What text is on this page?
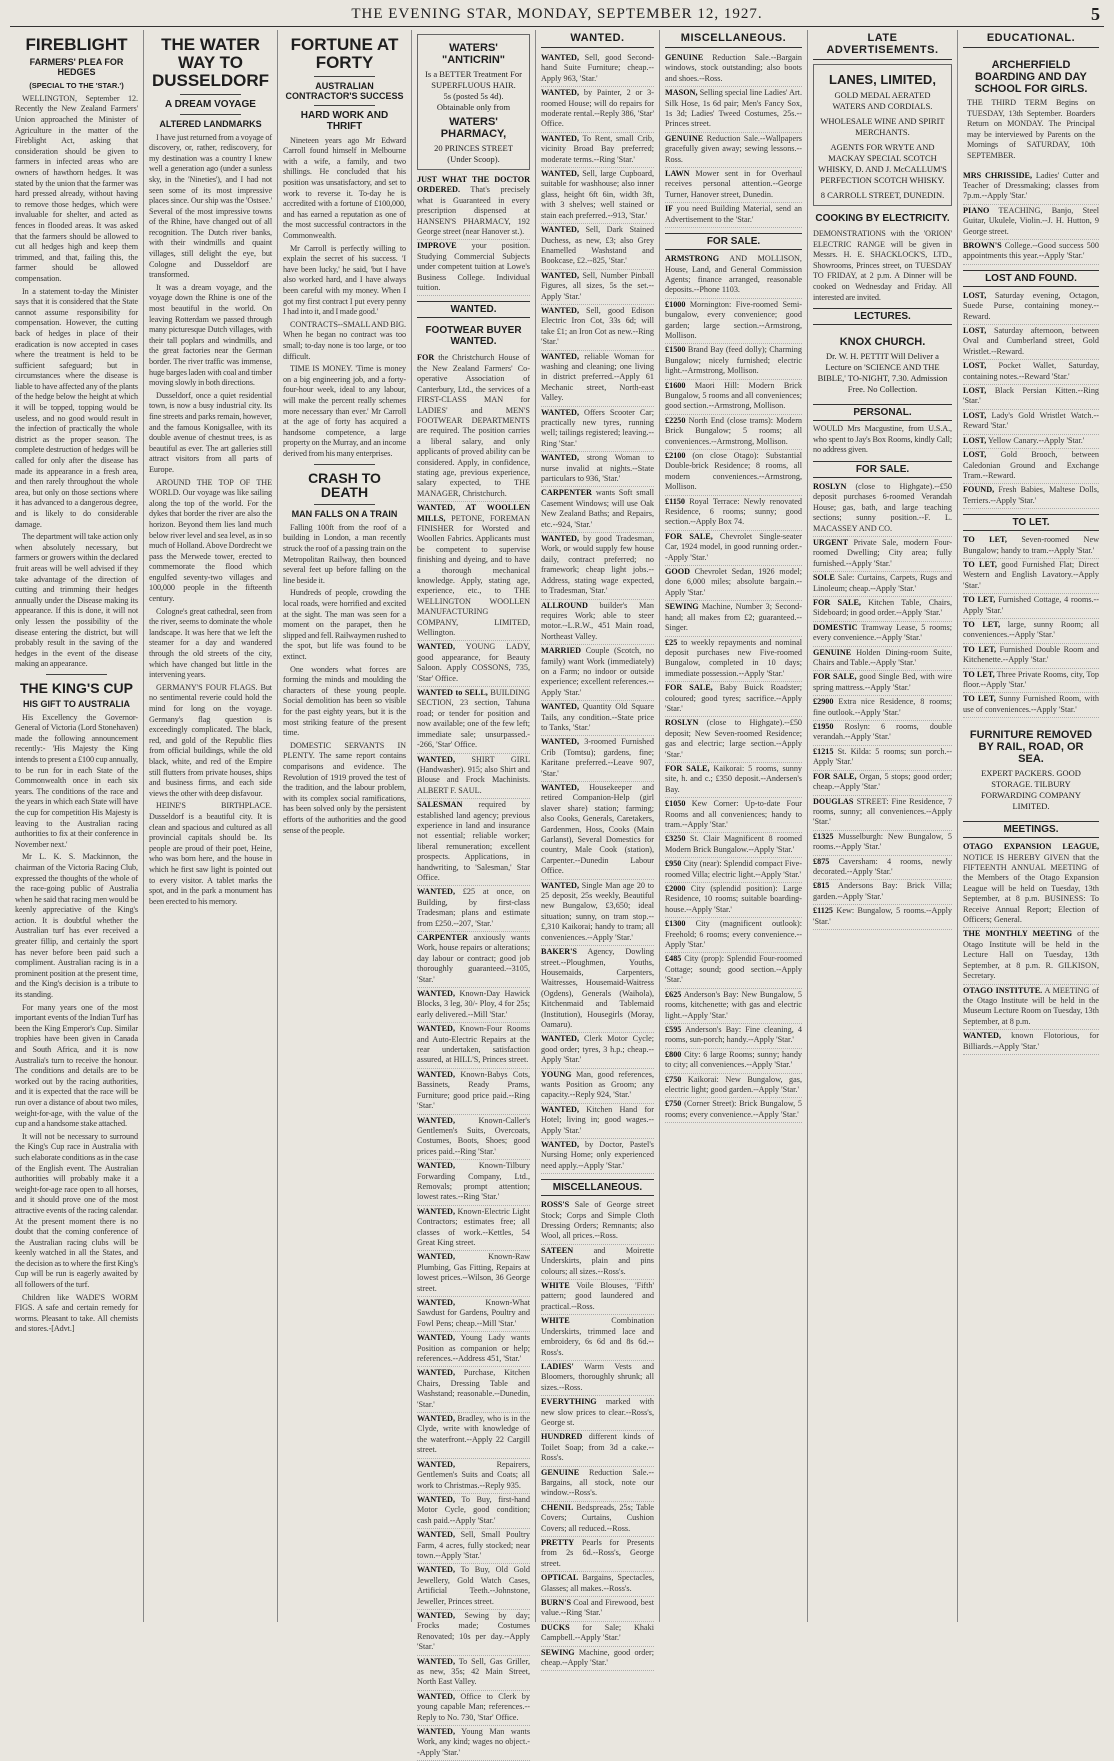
THE EVENING STAR, MONDAY, SEPTEMBER 12, 1927.	5
FIREBLIGHT
FARMERS' PLEA FOR HEDGES
(SPECIAL TO THE 'STAR.')

WELLINGTON, September 12. Recently the New Zealand Farmers' Union approached the Minister of Agriculture in the matter of the Fireblight Act, asking that consideration should be given to farmers in infected areas who are owners of hawthorn hedges. It was stated by the union that the farmer was hard pressed already, without having to remove those hedges, which were invaluable for shelter, and acted as fences in flooded areas. It was asked that the farmers should be allowed to cut all hedges high and keep them trimmed, and that, failing this, the farmer should be allowed compensation.

In a statement to-day the Minister says that it is considered that the State cannot assume responsibility for compensation. However, the cutting back of hedges in place of their eradication is now accepted in cases where the treatment is held to be sufficient safeguard; but in circumstances where the disease is liable to have affected any of the plants of the hedge below the height at which it will be topped, topping would be useless, and no good would result in the infection of practically the whole district as the proper season. The complete destruction of hedges will be called for only after the disease has made its appearance in a fresh area, and then rarely throughout the whole area, but only on those sections where it has advanced to a dangerous degree, and is likely to do considerable damage.

The department will take action only when absolutely necessary, but farmers or growers within the declared fruit areas will be well advised if they take advantage of the direction of cutting and trimming their hedges annually under the Disease making its appearance. If this is done, it will not only lessen the possibility of the disease entering the district, but will probably result in the saving of the hedges in the event of the disease making an appearance.

THE KING'S CUP
HIS GIFT TO AUSTRALIA

His Excellency the Governor-General of Victoria (Lord Stonehaven) made the following announcement recently:- 'His Majesty the King intends to present a £100 cup annually, to be run for in each State of the Commonwealth once in each six years. The conditions of the race and the years in which each State will have the cup for competition His Majesty is leaving to the Australian racing authorities to fix at their conference in November next.'

Mr L. K. S. Mackinnon, the chairman of the Victoria Racing Club, expressed the thoughts of the whole of the race-going public of Australia when he said that racing men would be keenly appreciative of the King's action. It is doubtful whether the Australian turf has ever received a greater fillip, and certainly the sport has never before been paid such a compliment. Australian racing is in a prominent position at the present time, and the King's decision is a tribute to its standing.

For many years one of the most important events of the Indian Turf has been the King Emperor's Cup. Similar trophies have been given in Canada and South Africa, and it is now Australia's turn to receive the honour. The conditions and details are to be worked out by the racing authorities, and it is expected that the race will be run over a distance of about two miles, weight-for-age, with the value of the cup and a handsome stake attached.

It will not be necessary to surround the King's Cup race in Australia with such elaborate conditions as in the case of the English event. The Australian authorities will probably make it a weight-for-age race open to all horses, and it should prove one of the most attractive events of the racing calendar. At the present moment there is no doubt that the coming conference of the Australian racing clubs will be keenly watched in all the States, and the decision as to where the first King's Cup will be run is eagerly awaited by all followers of the turf.

Children like WADE'S WORM FIGS. A safe and certain remedy for worms. Pleasant to take. All chemists and stores.-[Advt.]

THE WATER WAY TO DUSSELDORF
A DREAM VOYAGE
ALTERED LANDMARKS

I have just returned from a voyage of discovery, or, rather, rediscovery, for my destination was a country I knew well a generation ago (under a sunless sky, in the 'Nineties'), and I had not seen some of its most impressive places since. Our ship was the 'Ostsee.' Several of the most impressive towns of the Rhine, have changed out of all recognition. The Dutch river banks, with their windmills and quaint villages, still delight the eye, but Cologne and Dusseldorf are transformed.

It was a dream voyage, and the voyage down the Rhine is one of the most beautiful in the world. On leaving Rotterdam we passed through many picturesque Dutch villages, with their tall poplars and windmills, and the great factories near the German border. The river traffic was immense, huge barges laden with coal and timber moving slowly in both directions.

Dusseldorf, once a quiet residential town, is now a busy industrial city. Its fine streets and parks remain, however, and the famous Konigsallee, with its double avenue of chestnut trees, is as beautiful as ever. The art galleries still attract visitors from all parts of Europe.

AROUND THE TOP OF THE WORLD. Our voyage was like sailing along the top of the world. For the dykes that border the river are also the horizon. Beyond them lies land much below river level and sea level, as in so much of Holland. Above Dordrecht we pass the Merwede tower, erected to commemorate the flood which engulfed seventy-two villages and 100,000 people in the fifteenth century.

Cologne's great cathedral, seen from the river, seems to dominate the whole landscape. It was here that we left the steamer for a day and wandered through the old streets of the city, which have changed but little in the intervening years.

GERMANY'S FOUR FLAGS. But no sentimental reverie could hold the mind for long on the voyage. Germany's flag question is exceedingly complicated. The black, red, and gold of the Republic flies from official buildings, while the old black, white, and red of the Empire still flutters from private houses, ships and business firms, and each side views the other with deep disfavour.

HEINE'S BIRTHPLACE. Dusseldorf is a beautiful city. It is clean and spacious and cultured as all provincial capitals should be. Its people are proud of their poet, Heine, who was born here, and the house in which he first saw light is pointed out to every visitor. A tablet marks the spot, and in the park a monument has been erected to his memory.

FORTUNE AT FORTY
AUSTRALIAN CONTRACTOR'S SUCCESS
HARD WORK AND THRIFT

Nineteen years ago Mr Edward Carroll found himself in Melbourne with a wife, a family, and two shillings. He concluded that his position was unsatisfactory, and set to work to reverse it. To-day he is accredited with a fortune of £100,000, and has earned a reputation as one of the most successful contractors in the Commonwealth.

Mr Carroll is perfectly willing to explain the secret of his success. 'I have been lucky,' he said, 'but I have also worked hard, and I have always been careful with my money. When I got my first contract I put every penny I had into it, and I made good.'

CONTRACTS--SMALL AND BIG. When he began no contract was too small; to-day none is too large, or too difficult.

TIME IS MONEY. 'Time is money on a big engineering job, and a forty-four-hour week, ideal to any labour, will make the percent really schemes more necessary than ever.' Mr Carroll at the age of forty has acquired a handsome competence, a large property on the Murray, and an income derived from his many enterprises.

CRASH TO DEATH
MAN FALLS ON A TRAIN

Falling 100ft from the roof of a building in London, a man recently struck the roof of a passing train on the Metropolitan Railway, then bounced several feet up before falling on the line beside it.

Hundreds of people, crowding the local roads, were horrified and excited at the sight. The man was seen for a moment on the parapet, then he slipped and fell. Railwaymen rushed to the spot, but life was found to be extinct.

One wonders what forces are forming the minds and moulding the characters of these young people. Social demolition has been so visible for the past eighty years, but it is the most striking feature of the present time.

DOMESTIC SERVANTS IN PLENTY. The same report contains comparisons and evidence. The Revolution of 1919 proved the test of the tradition, and the labour problem, with its complex social ramifications, has been solved only by the persistent efforts of the authorities and the good sense of the people.

WATERS' "ANTICRIN"
Is a BETTER Treatment For SUPERFLUOUS HAIR.
5s (posted 5s 4d).
Obtainable only from
WATERS' PHARMACY,
20 PRINCES STREET (Under Scoop).
JUST WHAT THE DOCTOR ORDERED. That's precisely what is Guaranteed in every prescription dispensed at HANSEN'S PHARMACY, 192 George street (near Hanover st.).
IMPROVE your position. Studying Commercial Subjects under competent tuition at Lowe's Business College. Individual tuition.
WANTED.
FOOTWEAR BUYER WANTED.
FOR the Christchurch House of the New Zealand Farmers' Co-operative Association of Canterbury, Ltd., the services of a FIRST-CLASS MAN for LADIES' and MEN'S FOOTWEAR DEPARTMENTS are required. The position carries a liberal salary, and only applicants of proved ability can be considered. Apply, in confidence, stating age, previous experience, salary expected, to THE MANAGER, Christchurch.
WANTED, AT WOOLLEN MILLS, PETONE, FOREMAN FINISHER for Worsted and Woollen Fabrics. Applicants must be competent to supervise finishing and dyeing, and to have a thorough mechanical knowledge. Apply, stating age, experience, etc., to THE WELLINGTON WOOLLEN MANUFACTURING COMPANY, LIMITED, Wellington.
WANTED, YOUNG LADY, good appearance, for Beauty Saloon. Apply COSSONS, 735, 'Star' Office.
WANTED to SELL, BUILDING SECTION, 23 section, Tahuna road; or tender for position and now available; one of the few left; immediate sale; unsurpassed.--266, 'Star' Office.
WANTED, SHIRT GIRL (Handwasher). 915; also Shirt and Blouse and Frock Machinists. ALBERT F. SAUL.
SALESMAN required by established land agency; previous experience in land and insurance not essential; reliable worker; liberal remuneration; excellent prospects. Applications, in handwriting, to 'Salesman,' Star Office.
WANTED, £25 at once, on Building, by first-class Tradesman; plans and estimate from £250.--207, 'Star.'
CARPENTER anxiously wants Work, house repairs or alterations; day labour or contract; good job thoroughly guaranteed.--3105, 'Star.'
WANTED, Known-Day Hawick Blocks, 3 leg, 30/- Ploy, 4 for 25s; early delivered.--Mill 'Star.'
WANTED, Known-Four Rooms and Auto-Electric Repairs at the rear undertaken, satisfaction assured, at HILL'S, Princes street.
WANTED, Known-Babys Cots, Bassinets, Ready Prams, Furniture; good price paid.--Ring 'Star.'
WANTED,	Known-Caller's Gentlemen's Suits, Overcoats, Costumes, Boots, Shoes; good prices paid.--Ring 'Star.'
WANTED,	Known-Tilbury Forwarding Company, Ltd., Removals; prompt attention; lowest rates.--Ring 'Star.'
WANTED, Known-Electric Light Contractors; estimates free; all classes of work.--Kettles, 54 Great King street.
WANTED,	Known-Raw Plumbing, Gas Fitting, Repairs at lowest prices.--Wilson, 36 George street.
WANTED,	Known-What Sawdust for Gardens, Poultry and Fowl Pens; cheap.--Mill 'Star.'
WANTED, Young Lady wants Position as companion or help; references.--Address 451, 'Star.'
WANTED, Purchase, Kitchen Chairs, Dressing Table and Washstand; reasonable.--Dunedin, 'Star.'
WANTED, Bradley, who is in the Clyde, write with knowledge of the waterfront.--Apply 22 Cargill street.
WANTED,	Repairers, Gentlemen's Suits and Coats; all work to Christmas.--Reply 935.
WANTED, To Buy, first-hand Motor Cycle, good condition; cash paid.--Apply 'Star.'
WANTED, Sell, Small Poultry Farm, 4 acres, fully stocked; near town.--Apply 'Star.'
WANTED, To Buy, Old Gold Jewellery, Gold Watch Cases, Artificial Teeth.--Johnstone, Jeweller, Princes street.
WANTED, Sewing by day; Frocks made; Costumes Renovated; 10s per day.--Apply 'Star.'
WANTED, To Sell, Gas Griller, as new, 35s; 42 Main Street, North East Valley.
WANTED, Office to Clerk by young capable Man; references.--Reply to No. 730, 'Star' Office.
WANTED, Young Man wants Work, any kind; wages no object.--Apply 'Star.'
WANTED.
WANTED, Sell, good Second-hand Suite Furniture; cheap.--Apply 963, 'Star.'
WANTED, by Painter, 2 or 3-roomed House; will do repairs for moderate rental.--Reply 386, 'Star' Office.
WANTED, To Rent, small Crib, vicinity Broad Bay preferred; moderate terms.--Ring 'Star.'
WANTED, Sell, large Cupboard, suitable for washhouse; also inner glass, height 6ft 6in, width 3ft, with 3 shelves; well stained or stain each preferred.--913, 'Star.'
WANTED, Sell, Dark Stained Duchess, as new, £3; also Grey Enamelled Washstand and Bookcase, £2.--825, 'Star.'
WANTED, Sell, Number Pinball Figures, all sizes, 5s the set.--Apply 'Star.'
WANTED, Sell, good Edison Electric Iron Cot, 33s 6d; will take £1; an Iron Cot as new.--Ring 'Star.'
WANTED, reliable Woman for washing and cleaning; one living in district preferred.--Apply 61 Mechanic street, North-east Valley.
WANTED, Offers Scooter Car; practically new tyres, running well; tailings registered; leaving.--Ring 'Star.'
WANTED, strong Woman to nurse invalid at nights.--State particulars to 936, 'Star.'
CARPENTER wants Soft small Casement Windows; will use Oak New Zealand Baths; and Repairs, etc.--924, 'Star.'
WANTED, by good Tradesman, Work, or would supply few house daily, contract preferred; no framework; cheap light jobs.--Address, stating wage expected, to Tradesman, 'Star.'
ALLROUND builder's Man requires Work; able to steer motor.--L.R.W., 451 Main road, Northeast Valley.
MARRIED Couple (Scotch, no family) want Work (immediately) on a Farm; no indoor or outside experience; excellent references.--Apply 'Star.'
WANTED, Quantity Old Square Tails, any condition.--State price to Tanks, 'Star.'
WANTED, 3-roomed Furnished Crib (Tomtsu); gardens, fine; Karitane preferred.--Leave 907, 'Star.'
WANTED, Housekeeper and retired Companion-Help (girl slaver share) station; farming; also Cooks, Generals, Caretakers, Gardenmen, Hoss, Cooks (Main Garlanst), Several Domestics for country, Male Cook (station), Carpenter.--Dunedin Labour Office.
WANTED, Single Man age 20 to 25 deposit, 25s weekly, Beautiful new Bungalow, £3,650; ideal situation; sunny, on tram stop.--£,310 Kaikorai; handy to tram; all conveniences.--Apply 'Star.'
BAKER'S Agency, Dowling street.--Ploughmen, Youths, Housemaids, Carpenters, Waitresses, Housemaid-Waitress (Ogdens), Generals (Waihola), Kitchenmaid and Tablemaid (Institution), Housegirls (Moray, Oamaru).
WANTED, Clerk Motor Cycle; good order; tyres, 3 h.p.; cheap.--Apply 'Star.'
YOUNG Man, good references, wants Position as Groom; any capacity.--Reply 924, 'Star.'
WANTED, Kitchen Hand for Hotel; living in; good wages.--Apply 'Star.'
WANTED, by Doctor, Pastel's Nursing Home; only experienced need apply.--Apply 'Star.'
MISCELLANEOUS.
ROSS'S Sale of George street Stock; Corps and Simple Cloth Dressing Orders; Remnants; also Wool, all prices.--Ross.
SATEEN and Moirette Underskirts, plain and pins colours; all sizes.--Ross's.
WHITE Voile Blouses, 'Fifth' pattern; good laundered and practical.--Ross.
WHITE	Combination Underskirts, trimmed lace and embroidery, 6s 6d and 8s 6d.--Ross's.
LADIES' Warm Vests and Bloomers, thoroughly shrunk; all sizes.--Ross.
EVERYTHING marked with new slow prices to clear.--Ross's, George st.
HUNDRED different kinds of Toilet Soap; from 3d a cake.--Ross's.
GENUINE Reduction Sale.--Bargains, all stock, note our window.--Ross's.
CHENIL Bedspreads, 25s; Table Covers; Curtains, Cushion Covers; all reduced.--Ross.
PRETTY Pearls for Presents from 2s 6d.--Ross's, George street.
OPTICAL Bargains, Spectacles, Glasses; all makes.--Ross's.
BURN'S Coal and Firewood, best value.--Ring 'Star.'
DUCKS for Sale; Khaki Campbell.--Apply 'Star.'
SEWING Machine, good order; cheap.--Apply 'Star.'
MISCELLANEOUS.
GENUINE Reduction Sale.--Bargain windows, stock outstanding; also boots and shoes.--Ross.
MASON, Selling special line Ladies' Art. Silk Hose, 1s 6d pair; Men's Fancy Sox, 1s 3d; Ladies' Tweed Costumes, 25s.--Princes street.
GENUINE Reduction Sale.--Wallpapers gracefully given away; sewing lessons.--Ross.
LAWN Mower sent in for Overhaul receives personal attention.--George Turner, Hanover street, Dunedin.
IF you need Building Material, send an Advertisement to the 'Star.'
FOR SALE.
ARMSTRONG AND MOLLISON, House, Land, and General Commission Agents; finance arranged, reasonable deposits.--Phone 1103.
£1000 Mornington: Five-roomed Semi-bungalow, every convenience; good garden; large section.--Armstrong, Mollison.
£1500 Brand Bay (feed dolly); Charming Bungalow; nicely furnished; electric light.--Armstrong, Mollison.
£1600 Maori Hill: Modern Brick Bungalow, 5 rooms and all conveniences; good section.--Armstrong, Mollison.
£2250 North End (close trams): Modern Brick Bungalow; 5 rooms; all conveniences.--Armstrong, Mollison.
£2100 (on close Otago): Substantial Double-brick Residence; 8 rooms, all modern conveniences.--Armstrong, Mollison.
£1150 Royal Terrace: Newly renovated Residence, 6 rooms; sunny; good section.--Apply Box 74.
FOR SALE, Chevrolet Single-seater Car, 1924 model, in good running order.--Apply 'Star.'
GOOD Chevrolet Sedan, 1926 model; done 6,000 miles; absolute bargain.--Apply 'Star.'
SEWING Machine, Number 3; Second-hand; all makes from £2; guaranteed.--Singer.
£25 to weekly repayments and nominal deposit purchases new Five-roomed Bungalow, completed in 10 days; immediate possession.--Apply 'Star.'
FOR SALE, Baby Buick Roadster; coloured; good tyres; sacrifice.--Apply 'Star.'
ROSLYN (close to Highgate).--£50 deposit; New Seven-roomed Residence; gas and electric; large section.--Apply 'Star.'
FOR SALE, Kaikorai: 5 rooms, sunny site, h. and c.; £350 deposit.--Andersen's Bay.
£1050 Kew Corner: Up-to-date Four Rooms and all conveniences; handy to tram.--Apply 'Star.'
£3250 St. Clair Magnificent 8 roomed Modern Brick Bungalow.--Apply 'Star.'
£950 City (near): Splendid compact Five-roomed Villa; electric light.--Apply 'Star.'
£2000 City (splendid position): Large Residence, 10 rooms; suitable boarding-house.--Apply 'Star.'
£1300 City (magnificent outlook): Freehold; 6 rooms; every convenience.--Apply 'Star.'
£485 City (prop): Splendid Four-roomed Cottage; sound; good section.--Apply 'Star.'
£625 Anderson's Bay: New Bungalow, 5 rooms, kitchenette; with gas and electric light.--Apply 'Star.'
£595 Anderson's Bay: Fine cleaning, 4 rooms, sun-porch; handy.--Apply 'Star.'
£800 City: 6 large Rooms; sunny; handy to city; all conveniences.--Apply 'Star.'
£750 Kaikorai: New Bungalow, gas, electric light; good garden.--Apply 'Star.'
£750 (Corner Street): Brick Bungalow, 5 rooms; every convenience.--Apply 'Star.'
LATE ADVERTISEMENTS.
LANES, LIMITED,
GOLD MEDAL AERATED WATERS AND CORDIALS.
WHOLESALE WINE AND SPIRIT MERCHANTS.
AGENTS FOR WRYTE AND MACKAY SPECIAL SCOTCH WHISKY, D. AND J. McCALLUM'S PERFECTION SCOTCH WHISKY.
8 CARROLL STREET, DUNEDIN.
COOKING BY ELECTRICITY.
DEMONSTRATIONS with the 'ORION' ELECTRIC RANGE will be given in Messrs. H. E. SHACKLOCK'S, LTD., Showrooms, Princes street, on TUESDAY TO FRIDAY, at 2 p.m. A Dinner will be cooked on Wednesday and Friday. All interested are invited.
LECTURES.
KNOX CHURCH.
Dr. W. H. PETTIT Will Deliver a Lecture on 'SCIENCE AND THE BIBLE,' TO-NIGHT, 7.30. Admission Free. No Collection.
PERSONAL.
WOULD Mrs Macgustine, from U.S.A., who spent to Jay's Box Rooms, kindly Call; no address given.
FOR SALE.
ROSLYN (close to Highgate).--£50 deposit purchases 6-roomed Verandah House; gas, bath, and large teaching sections; sunny position.--F. L. MACASSEY AND CO.
URGENT Private Sale, modern Four-roomed Dwelling; City area; fully furnished.--Apply 'Star.'
SOLE Sale: Curtains, Carpets, Rugs and Linoleum; cheap.--Apply 'Star.'
FOR SALE, Kitchen Table, Chairs, Sideboard; in good order.--Apply 'Star.'
DOMESTIC Tramway Lease, 5 rooms; every convenience.--Apply 'Star.'
GENUINE Holden Dining-room Suite, Chairs and Table.--Apply 'Star.'
FOR SALE, good Single Bed, with wire spring mattress.--Apply 'Star.'
£2900 Extra nice Residence, 8 rooms; fine outlook.--Apply 'Star.'
£1950 Roslyn: 6 rooms, double verandah.--Apply 'Star.'
£1215 St. Kilda: 5 rooms; sun porch.--Apply 'Star.'
FOR SALE, Organ, 5 stops; good order; cheap.--Apply 'Star.'
DOUGLAS STREET: Fine Residence, 7 rooms, sunny; all conveniences.--Apply 'Star.'
£1325 Musselburgh: New Bungalow, 5 rooms.--Apply 'Star.'
£875 Caversham: 4 rooms, newly decorated.--Apply 'Star.'
£815 Andersons Bay: Brick Villa; garden.--Apply 'Star.'
£1125 Kew: Bungalow, 5 rooms.--Apply 'Star.'
EDUCATIONAL.
ARCHERFIELD BOARDING AND DAY SCHOOL FOR GIRLS.
THE THIRD TERM Begins on TUESDAY, 13th September. Boarders Return on MONDAY. The Principal may be interviewed by Parents on the Mornings of SATURDAY, 10th SEPTEMBER.
MRS CHRISSIDE, Ladies' Cutter and Teacher of Dressmaking; classes from 7p.m.--Apply 'Star.'
PIANO TEACHING, Banjo, Steel Guitar, Ukulele, Violin.--J. H. Hutton, 9 George street.
BROWN'S College.--Good success 500 appointments this year.--Apply 'Star.'
LOST AND FOUND.
LOST, Saturday evening, Octagon, Suede Purse, containing money.--Reward.
LOST, Saturday afternoon, between Oval and Cumberland street, Gold Wristlet.--Reward.
LOST, Pocket Wallet, Saturday, containing notes.--Reward 'Star.'
LOST, Black Persian Kitten.--Ring 'Star.'
LOST, Lady's Gold Wristlet Watch.--Reward 'Star.'
LOST, Yellow Canary.--Apply 'Star.'
LOST, Gold Brooch, between Caledonian Ground and Exchange Tram.--Reward.
FOUND, Fresh Babies, Maltese Dolls, Terriers.--Apply 'Star.'
TO LET.
TO LET, Seven-roomed New Bungalow; handy to tram.--Apply 'Star.'
TO LET, good Furnished Flat; Direct Western and English Lavatory.--Apply 'Star.'
TO LET, Furnished Cottage, 4 rooms.--Apply 'Star.'
TO LET, large, sunny Room; all conveniences.--Apply 'Star.'
TO LET, Furnished Double Room and Kitchenette.--Apply 'Star.'
TO LET, Three Private Rooms, city, Top floor.--Apply 'Star.'
TO LET, Sunny Furnished Room, with use of conveniences.--Apply 'Star.'
FURNITURE REMOVED BY RAIL, ROAD, OR SEA.
EXPERT PACKERS. GOOD STORAGE. TILBURY FORWARDING COMPANY LIMITED.
MEETINGS.
OTAGO EXPANSION LEAGUE, NOTICE IS HEREBY GIVEN that the FIFTEENTH ANNUAL MEETING of the Members of the Otago Expansion League will be held on Tuesday, 13th September, at 8 p.m. BUSINESS: To Receive Annual Report; Election of Officers; General.
THE MONTHLY MEETING of the Otago Institute will be held in the Lecture Hall on Tuesday, 13th September, at 8 p.m. R. GILKISON, Secretary.
OTAGO INSTITUTE. A MEETING of the Otago Institute will be held in the Museum Lecture Room on Tuesday, 13th September, at 8 p.m.
WANTED, known Flotorious, for Billiards.--Apply 'Star.'
